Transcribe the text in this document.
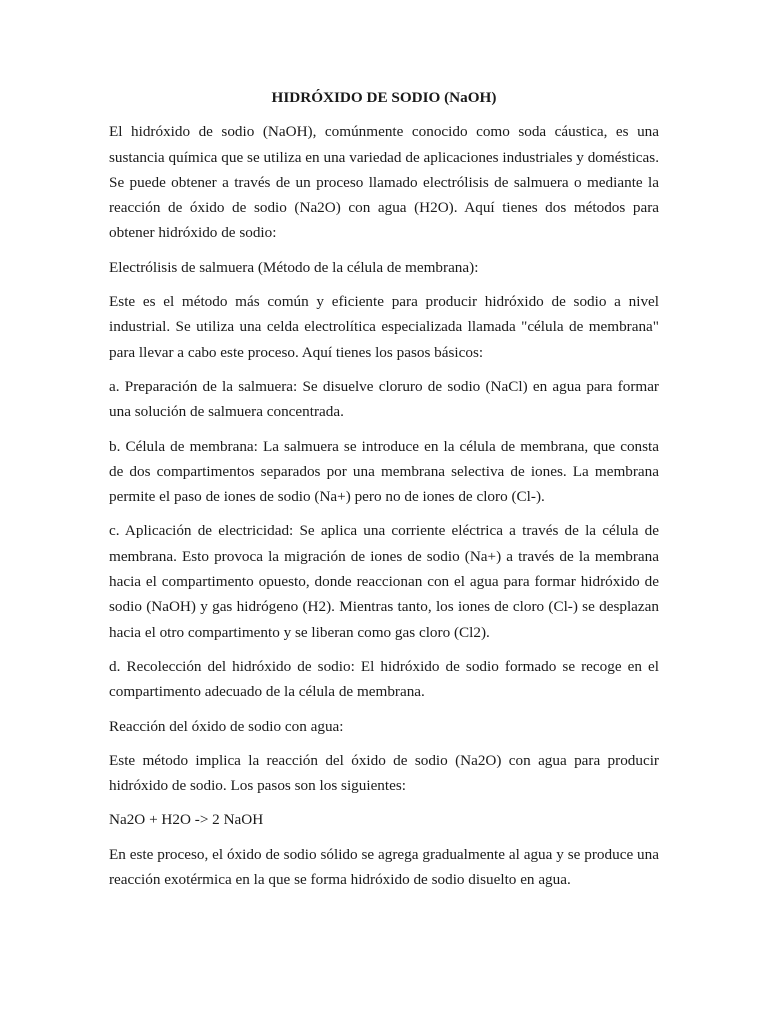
HIDRÓXIDO DE SODIO (NaOH)

El hidróxido de sodio (NaOH), comúnmente conocido como soda cáustica, es una sustancia química que se utiliza en una variedad de aplicaciones industriales y domésticas. Se puede obtener a través de un proceso llamado electrólisis de salmuera o mediante la reacción de óxido de sodio (Na2O) con agua (H2O). Aquí tienes dos métodos para obtener hidróxido de sodio:

Electrólisis de salmuera (Método de la célula de membrana):

Este es el método más común y eficiente para producir hidróxido de sodio a nivel industrial. Se utiliza una celda electrolítica especializada llamada "célula de membrana" para llevar a cabo este proceso. Aquí tienes los pasos básicos:

a. Preparación de la salmuera: Se disuelve cloruro de sodio (NaCl) en agua para formar una solución de salmuera concentrada.

b. Célula de membrana: La salmuera se introduce en la célula de membrana, que consta de dos compartimentos separados por una membrana selectiva de iones. La membrana permite el paso de iones de sodio (Na+) pero no de iones de cloro (Cl-).

c. Aplicación de electricidad: Se aplica una corriente eléctrica a través de la célula de membrana. Esto provoca la migración de iones de sodio (Na+) a través de la membrana hacia el compartimento opuesto, donde reaccionan con el agua para formar hidróxido de sodio (NaOH) y gas hidrógeno (H2). Mientras tanto, los iones de cloro (Cl-) se desplazan hacia el otro compartimento y se liberan como gas cloro (Cl2).

d. Recolección del hidróxido de sodio: El hidróxido de sodio formado se recoge en el compartimento adecuado de la célula de membrana.

Reacción del óxido de sodio con agua:

Este método implica la reacción del óxido de sodio (Na2O) con agua para producir hidróxido de sodio. Los pasos son los siguientes:

Na2O + H2O -> 2 NaOH

En este proceso, el óxido de sodio sólido se agrega gradualmente al agua y se produce una reacción exotérmica en la que se forma hidróxido de sodio disuelto en agua.
